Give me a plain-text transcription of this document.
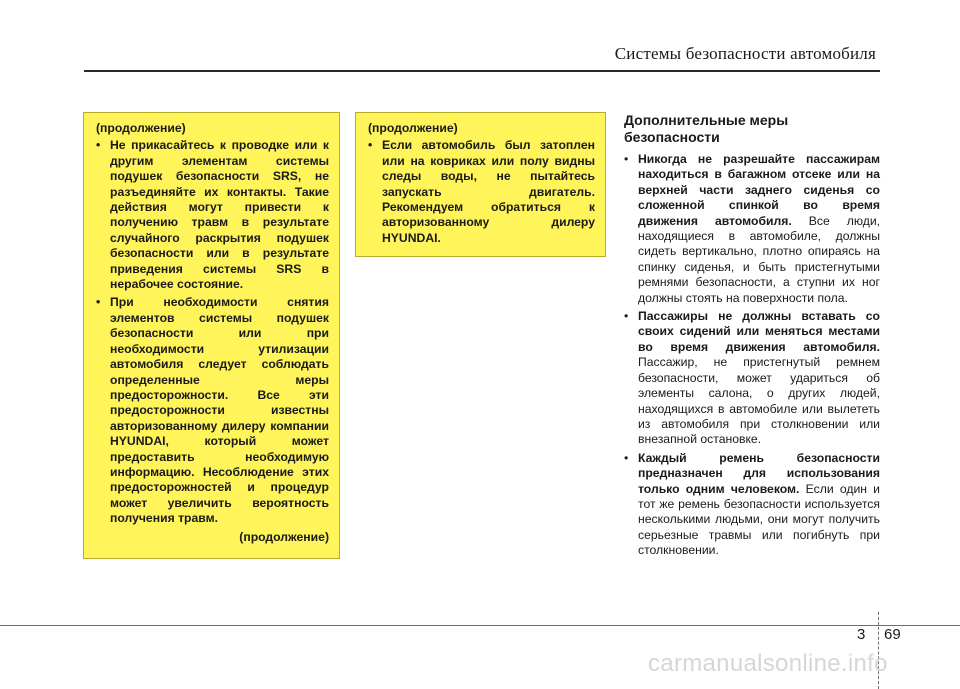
Системы безопасности автомобиля
(продолжение)
• Не прикасайтесь к проводке или к другим элементам системы подушек безопасности SRS, не разъединяйте их контакты. Такие действия могут привести к получению травм в результате случайного раскрытия подушек безопасности или в результате приведения системы SRS в нерабочее состояние.
• При необходимости снятия элементов системы подушек безопасности или при необходимости утилизации автомобиля следует соблюдать определенные меры предосторожности. Все эти предосторожности известны авторизованному дилеру компании HYUNDAI, который может предоставить необходимую информацию. Несоблюдение этих предосторожностей и процедур может увеличить вероятность получения травм.
(продолжение)
(продолжение)
• Если автомобиль был затоплен или на ковриках или полу видны следы воды, не пытайтесь запускать двигатель. Рекомендуем обратиться к авторизованному дилеру HYUNDAI.
Дополнительные меры безопасности
• Никогда не разрешайте пассажирам находиться в багажном отсеке или на верхней части заднего сиденья со сложенной спинкой во время движения автомобиля. Все люди, находящиеся в автомобиле, должны сидеть вертикально, плотно опираясь на спинку сиденья, и быть пристегнутыми ремнями безопасности, а ступни их ног должны стоять на поверхности пола.
• Пассажиры не должны вставать со своих сидений или меняться местами во время движения автомобиля. Пассажир, не пристегнутый ремнем безопасности, может удариться об элементы салона, о других людей, находящихся в автомобиле или вылететь из автомобиля при столкновении или внезапной остановке.
• Каждый ремень безопасности предназначен для использования только одним человеком. Если один и тот же ремень безопасности используется несколькими людьми, они могут получить серьезные травмы или погибнуть при столкновении.
3 69
carmanualsonline.info
